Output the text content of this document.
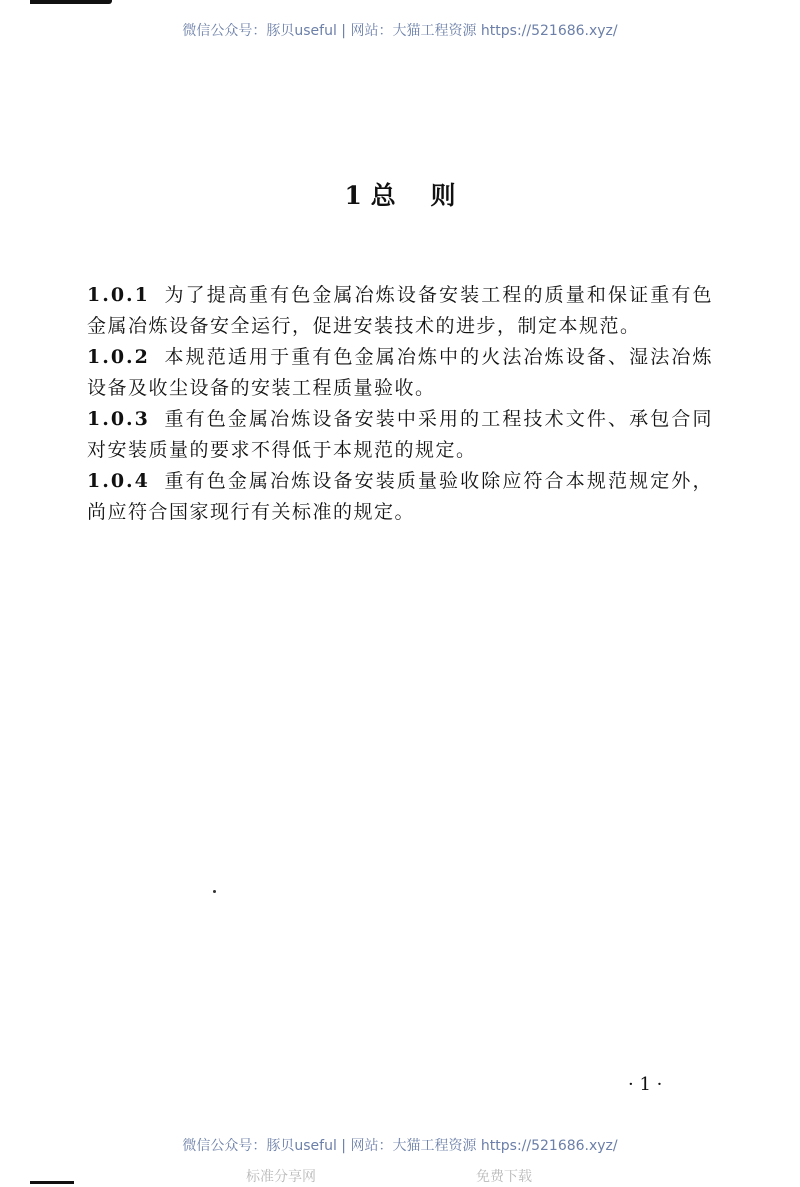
微信公众号：豚贝useful | 网站：大猫工程资源 https://521686.xyz/
1 总    则

1.0.1 为了提高重有色金属冶炼设备安装工程的质量和保证重有色金属冶炼设备安全运行，促进安装技术的进步，制定本规范。

1.0.2 本规范适用于重有色金属冶炼中的火法冶炼设备、湿法冶炼设备及收尘设备的安装工程质量验收。

1.0.3 重有色金属冶炼设备安装中采用的工程技术文件、承包合同对安装质量的要求不得低于本规范的规定。

1.0.4 重有色金属冶炼设备安装质量验收除应符合本规范规定外，尚应符合国家现行有关标准的规定。

· 1 ·
微信公众号：豚贝useful | 网站：大猫工程资源 https://521686.xyz/
标准分享网	免费下载
